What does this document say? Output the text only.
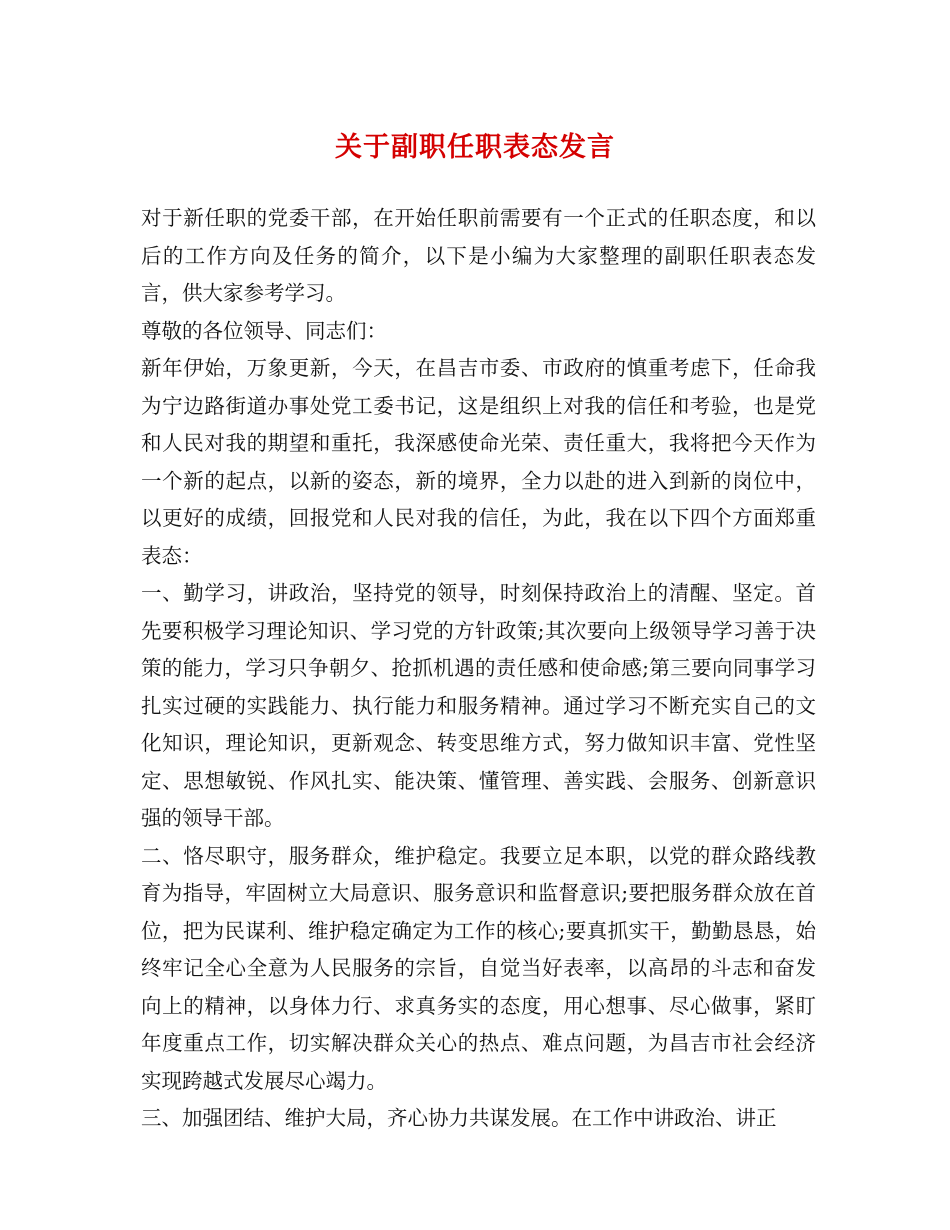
关于副职任职表态发言

对于新任职的党委干部，在开始任职前需要有一个正式的任职态度，和以后的工作方向及任务的简介，以下是小编为大家整理的副职任职表态发言，供大家参考学习。

尊敬的各位领导、同志们：

新年伊始，万象更新，今天，在昌吉市委、市政府的慎重考虑下，任命我为宁边路街道办事处党工委书记，这是组织上对我的信任和考验，也是党和人民对我的期望和重托，我深感使命光荣、责任重大，我将把今天作为一个新的起点，以新的姿态，新的境界，全力以赴的进入到新的岗位中，以更好的成绩，回报党和人民对我的信任，为此，我在以下四个方面郑重表态：

一、勤学习，讲政治，坚持党的领导，时刻保持政治上的清醒、坚定。首先要积极学习理论知识、学习党的方针政策;其次要向上级领导学习善于决策的能力，学习只争朝夕、抢抓机遇的责任感和使命感;第三要向同事学习扎实过硬的实践能力、执行能力和服务精神。通过学习不断充实自己的文化知识，理论知识，更新观念、转变思维方式，努力做知识丰富、党性坚定、思想敏锐、作风扎实、能决策、懂管理、善实践、会服务、创新意识强的领导干部。

二、恪尽职守，服务群众，维护稳定。我要立足本职，以党的群众路线教育为指导，牢固树立大局意识、服务意识和监督意识;要把服务群众放在首位，把为民谋利、维护稳定确定为工作的核心;要真抓实干，勤勤恳恳，始终牢记全心全意为人民服务的宗旨，自觉当好表率，以高昂的斗志和奋发向上的精神，以身体力行、求真务实的态度，用心想事、尽心做事，紧盯年度重点工作，切实解决群众关心的热点、难点问题，为昌吉市社会经济实现跨越式发展尽心竭力。

三、加强团结、维护大局，齐心协力共谋发展。在工作中讲政治、讲正
